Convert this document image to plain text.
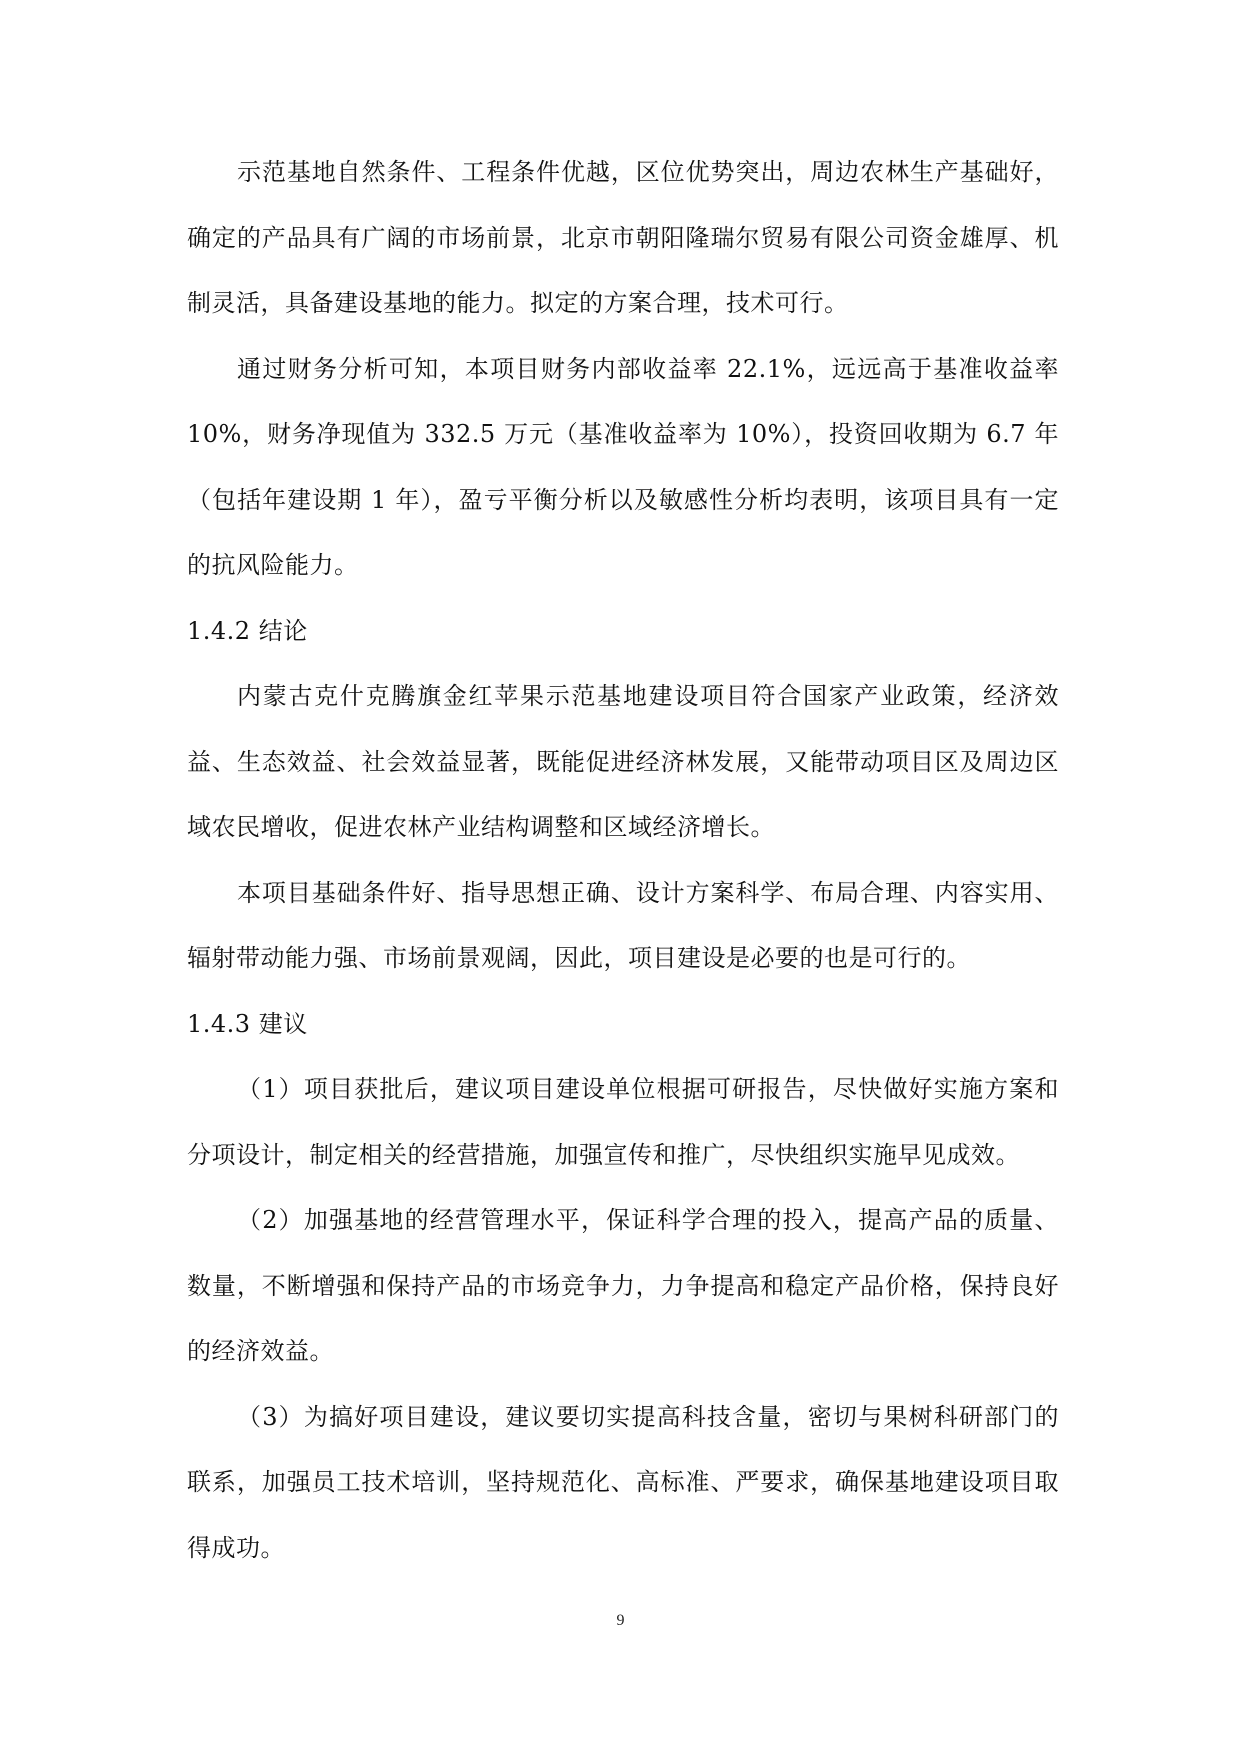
示范基地自然条件、工程条件优越，区位优势突出，周边农林生产基础好，确定的产品具有广阔的市场前景，北京市朝阳隆瑞尔贸易有限公司资金雄厚、机制灵活，具备建设基地的能力。拟定的方案合理，技术可行。

通过财务分析可知，本项目财务内部收益率 22.1%，远远高于基准收益率 10%，财务净现值为 332.5 万元（基准收益率为 10%），投资回收期为 6.7 年（包括年建设期 1 年），盈亏平衡分析以及敏感性分析均表明，该项目具有一定的抗风险能力。

1.4.2 结论

内蒙古克什克腾旗金红苹果示范基地建设项目符合国家产业政策，经济效益、生态效益、社会效益显著，既能促进经济林发展，又能带动项目区及周边区域农民增收，促进农林产业结构调整和区域经济增长。

本项目基础条件好、指导思想正确、设计方案科学、布局合理、内容实用、辐射带动能力强、市场前景观阔，因此，项目建设是必要的也是可行的。

1.4.3 建议

（1）项目获批后，建议项目建设单位根据可研报告，尽快做好实施方案和分项设计，制定相关的经营措施，加强宣传和推广，尽快组织实施早见成效。

（2）加强基地的经营管理水平，保证科学合理的投入，提高产品的质量、数量，不断增强和保持产品的市场竞争力，力争提高和稳定产品价格，保持良好的经济效益。

（3）为搞好项目建设，建议要切实提高科技含量，密切与果树科研部门的联系，加强员工技术培训，坚持规范化、高标准、严要求，确保基地建设项目取得成功。

9
